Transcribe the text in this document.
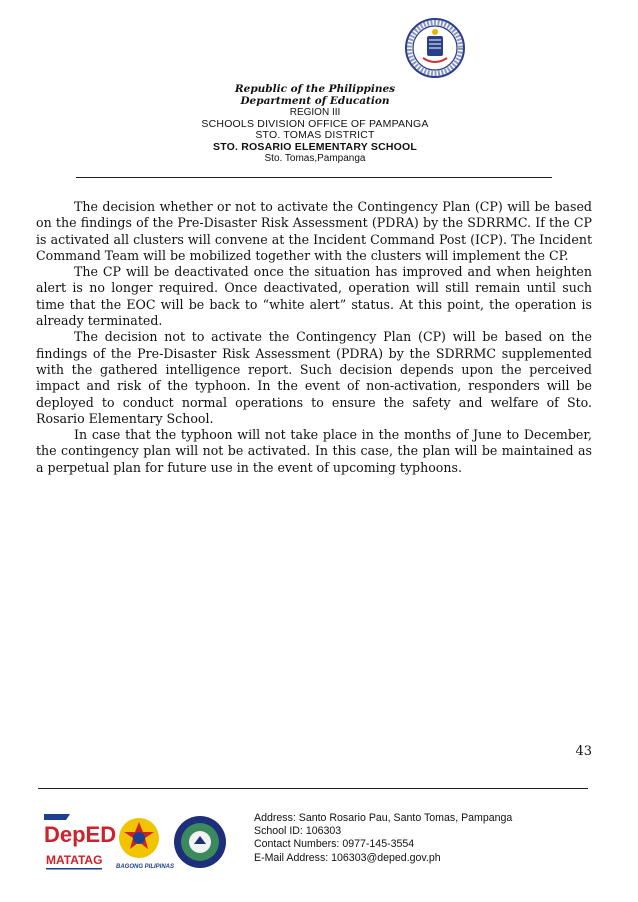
Republic of the Philippines
Department of Education
REGION III
SCHOOLS DIVISION OFFICE OF PAMPANGA
STO. TOMAS DISTRICT
STO. ROSARIO ELEMENTARY SCHOOL
Sto. Tomas,Pampanga

The decision whether or not to activate the Contingency Plan (CP) will be based on the findings of the Pre-Disaster Risk Assessment (PDRA) by the SDRRMC. If the CP is activated all clusters will convene at the Incident Command Post (ICP). The Incident Command Team will be mobilized together with the clusters will implement the CP.

The CP will be deactivated once the situation has improved and when heighten alert is no longer required. Once deactivated, operation will still remain until such time that the EOC will be back to “white alert” status. At this point, the operation is already terminated.

The decision not to activate the Contingency Plan (CP) will be based on the findings of the Pre-Disaster Risk Assessment (PDRA) by the SDRRMC supplemented with the gathered intelligence report. Such decision depends upon the perceived impact and risk of the typhoon. In the event of non-activation, responders will be deployed to conduct normal operations to ensure the safety and welfare of Sto. Rosario Elementary School.

In case that the typhoon will not take place in the months of June to December, the contingency plan will not be activated. In this case, the plan will be maintained as a perpetual plan for future use in the event of upcoming typhoons.

43
DepED
MATATAG BAGONG PILIPINAS
Address: Santo Rosario Pau, Santo Tomas, Pampanga
School ID: 106303
Contact Numbers: 0977-145-3554
E-Mail Address: 106303@deped.gov.ph
